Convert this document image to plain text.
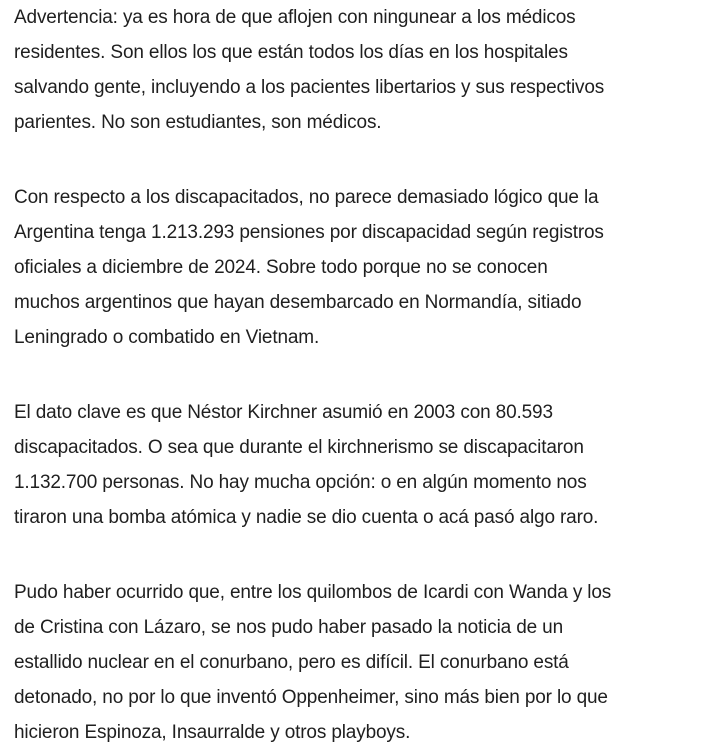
Advertencia: ya es hora de que aflojen con ningunear a los médicos
residentes. Son ellos los que están todos los días en los hospitales
salvando gente, incluyendo a los pacientes libertarios y sus respectivos
parientes. No son estudiantes, son médicos.

Con respecto a los discapacitados, no parece demasiado lógico que la
Argentina tenga 1.213.293 pensiones por discapacidad según registros
oficiales a diciembre de 2024. Sobre todo porque no se conocen
muchos argentinos que hayan desembarcado en Normandía, sitiado
Leningrado o combatido en Vietnam.

El dato clave es que Néstor Kirchner asumió en 2003 con 80.593
discapacitados. O sea que durante el kirchnerismo se discapacitaron
1.132.700 personas. No hay mucha opción: o en algún momento nos
tiraron una bomba atómica y nadie se dio cuenta o acá pasó algo raro.

Pudo haber ocurrido que, entre los quilombos de Icardi con Wanda y los
de Cristina con Lázaro, se nos pudo haber pasado la noticia de un
estallido nuclear en el conurbano, pero es difícil. El conurbano está
detonado, no por lo que inventó Oppenheimer, sino más bien por lo que
hicieron Espinoza, Insaurralde y otros playboys.
